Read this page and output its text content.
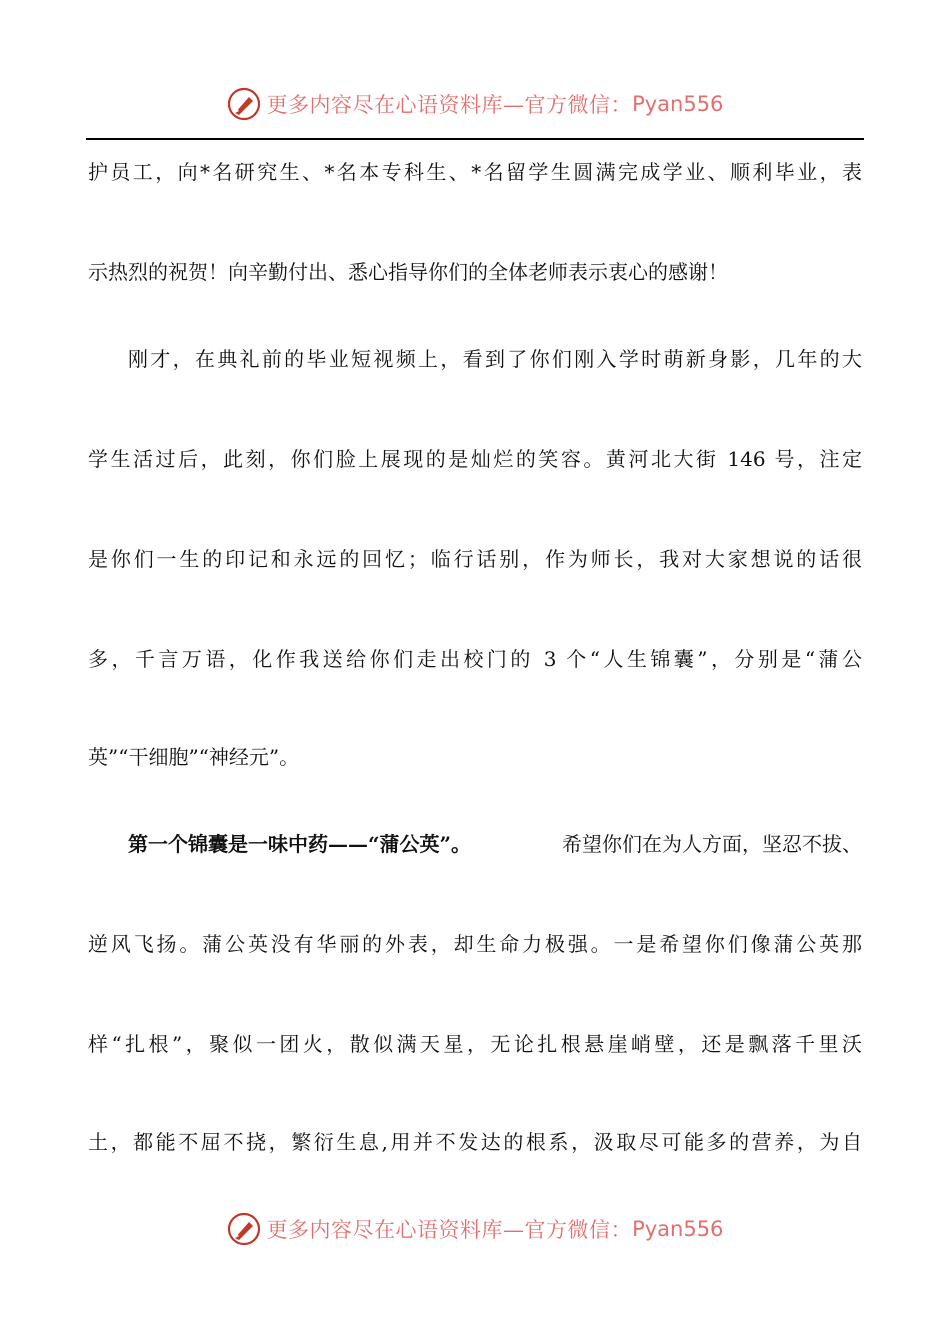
更多内容尽在心语资料库—官方微信： Pyan556
护员工，向*名研究生、*名本专科生、*名留学生圆满完成学业、顺利毕业，表
示热烈的祝贺！向辛勤付出、悉心指导你们的全体老师表示衷心的感谢！
刚才，在典礼前的毕业短视频上，看到了你们刚入学时萌新身影，几年的大
学生活过后，此刻，你们脸上展现的是灿烂的笑容。黄河北大街 146 号，注定
是你们一生的印记和永远的回忆；临行话别，作为师长，我对大家想说的话很
多，千言万语，化作我送给你们走出校门的 3 个“人生锦囊”，分别是“蒲公
英”“干细胞”“神经元”。
第一个锦囊是一味中药——“蒲公英”。	希望你们在为人方面，坚忍不拔、
逆风飞扬。蒲公英没有华丽的外表，却生命力极强。一是希望你们像蒲公英那
样“扎根”，聚似一团火，散似满天星，无论扎根悬崖峭壁，还是飘落千里沃
土，都能不屈不挠，繁衍生息,用并不发达的根系，汲取尽可能多的营养，为自
更多内容尽在心语资料库—官方微信： Pyan556
